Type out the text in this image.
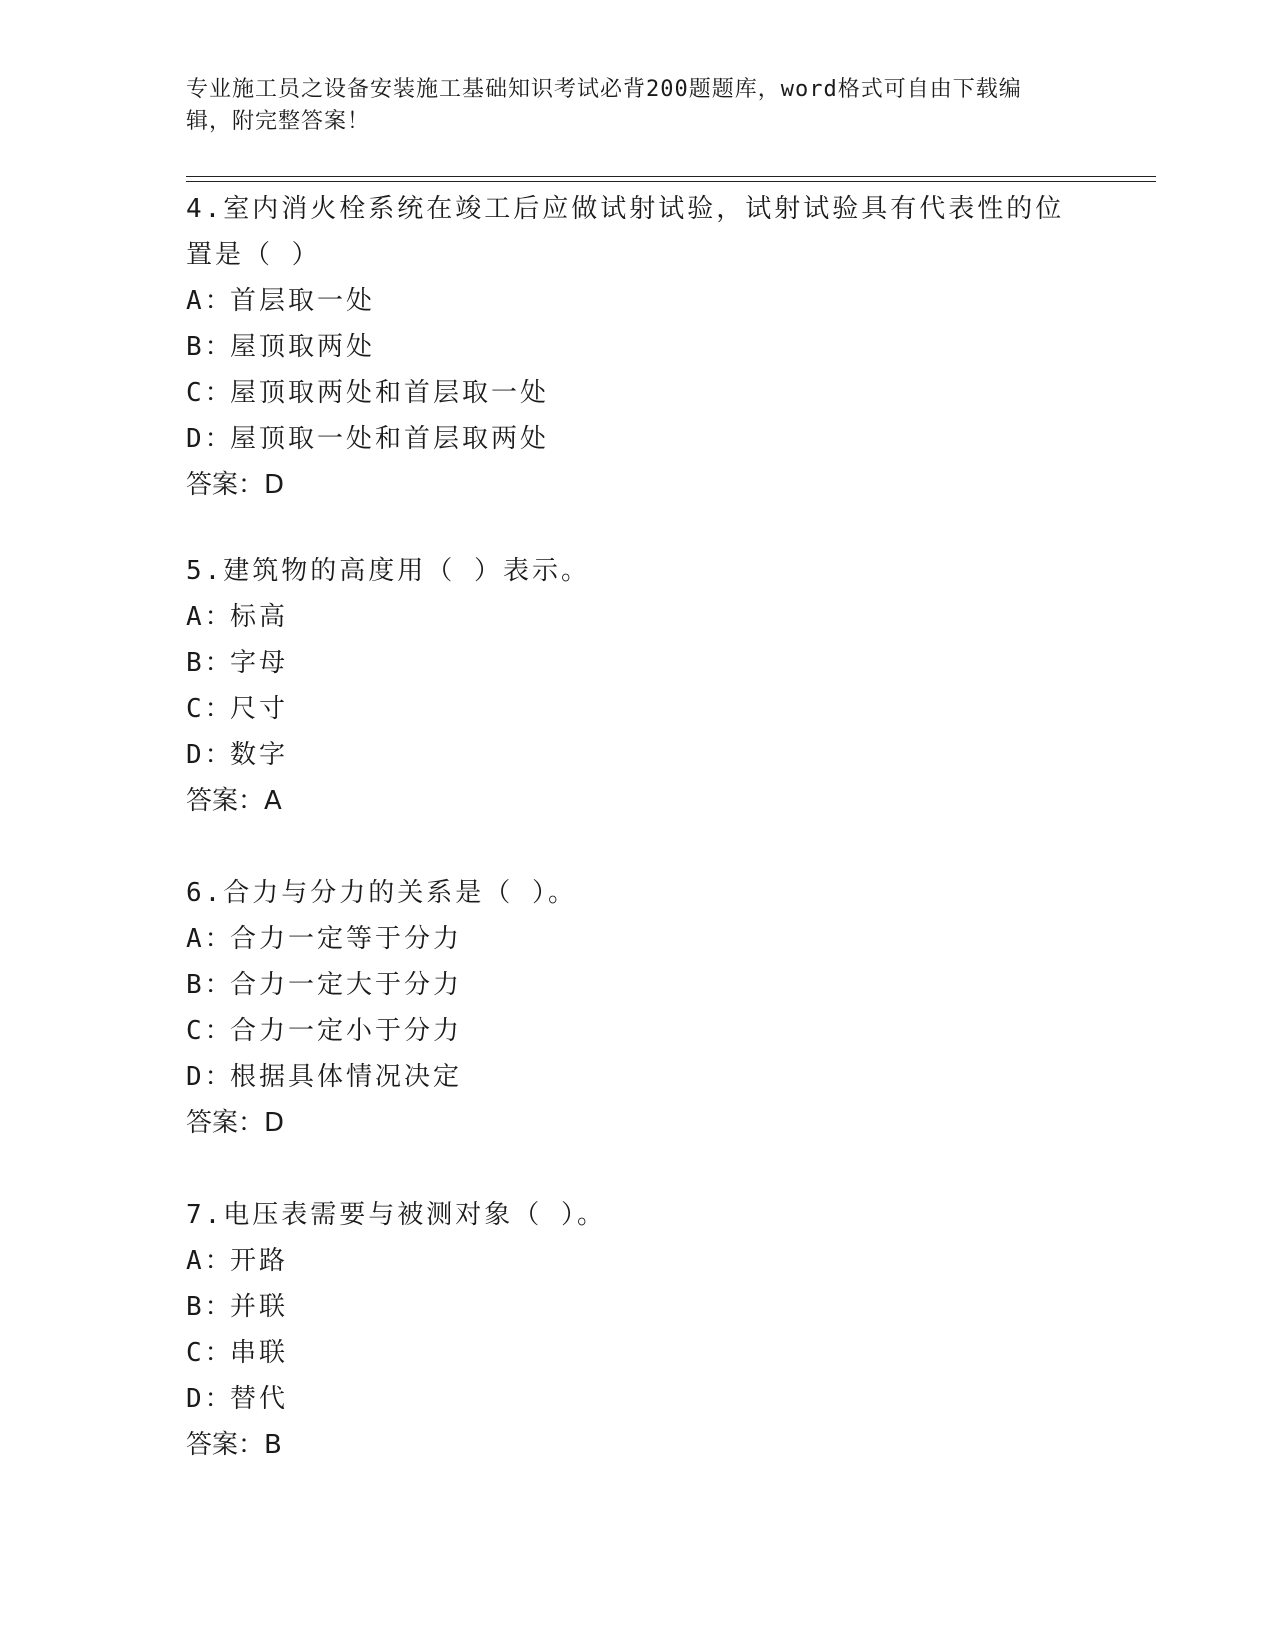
专业施工员之设备安装施工基础知识考试必背200题题库，word格式可自由下载编辑，附完整答案！

4.室内消火栓系统在竣工后应做试射试验，试射试验具有代表性的位置是（ ）

A：首层取一处

B：屋顶取两处

C：屋顶取两处和首层取一处

D：屋顶取一处和首层取两处

答案：D

5.建筑物的高度用（ ）表示。

A：标高

B：字母

C：尺寸

D：数字

答案：A

6.合力与分力的关系是（ ）。

A：合力一定等于分力

B：合力一定大于分力

C：合力一定小于分力

D：根据具体情况决定

答案：D

7.电压表需要与被测对象（ ）。

A：开路

B：并联

C：串联

D：替代

答案：B
